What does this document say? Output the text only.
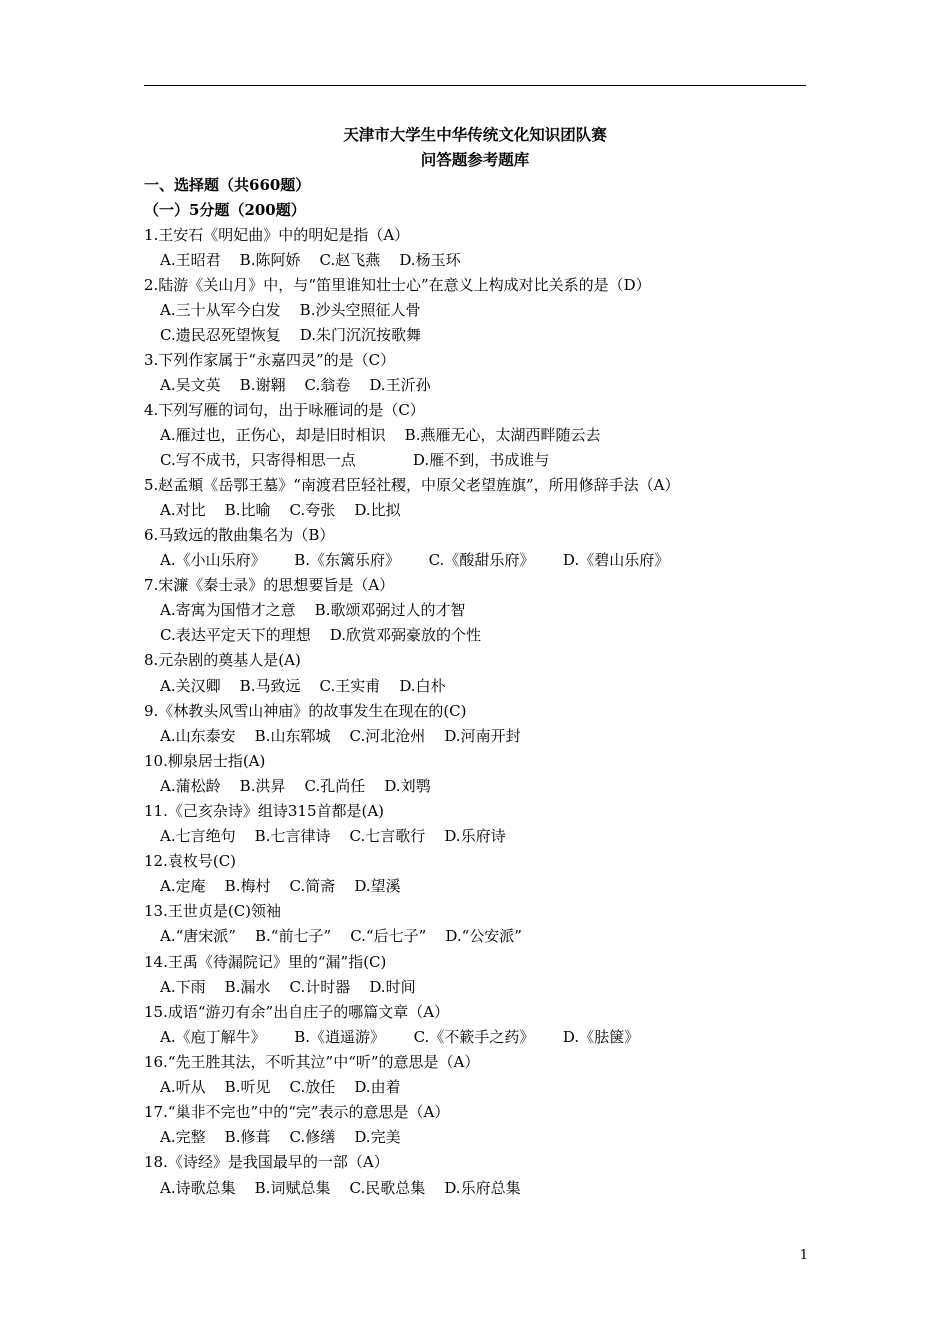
天津市大学生中华传统文化知识团队赛
问答题参考题库
一、选择题（共660题）
（一）5分题（200题）
1.王安石《明妃曲》中的明妃是指（A）
A.王昭君    B.陈阿娇    C.赵飞燕    D.杨玉环
2.陆游《关山月》中，与“笛里谁知壮士心”在意义上构成对比关系的是（D）
A.三十从军今白发    B.沙头空照征人骨
C.遗民忍死望恢复    D.朱门沉沉按歌舞
3.下列作家属于“永嘉四灵”的是（C）
A.吴文英    B.谢翱    C.翁卷    D.王沂孙
4.下列写雁的词句，出于咏雁词的是（C）
A.雁过也，正伤心，却是旧时相识    B.燕雁无心，太湖西畔随云去
C.写不成书，只寄得相思一点            D.雁不到，书成谁与
5.赵孟頫《岳鄂王墓》“南渡君臣轻社稷，中原父老望旌旗”，所用修辞手法（A）
A.对比    B.比喻    C.夸张    D.比拟
6.马致远的散曲集名为（B）
A.《小山乐府》      B.《东篱乐府》      C.《酸甜乐府》      D.《碧山乐府》
7.宋濂《秦士录》的思想要旨是（A）
A.寄寓为国惜才之意    B.歌颂邓弼过人的才智
C.表达平定天下的理想    D.欣赏邓弼豪放的个性
8.元杂剧的奠基人是(A)
A.关汉卿    B.马致远    C.王实甫    D.白朴
9.《林教头风雪山神庙》的故事发生在现在的(C)
A.山东泰安    B.山东郓城    C.河北沧州    D.河南开封
10.柳泉居士指(A)
A.蒲松龄    B.洪昇    C.孔尚任    D.刘鹗
11.《己亥杂诗》组诗315首都是(A)
A.七言绝句    B.七言律诗    C.七言歌行    D.乐府诗
12.袁枚号(C)
A.定庵    B.梅村    C.简斋    D.望溪
13.王世贞是(C)领袖
A.“唐宋派”    B.“前七子”    C.“后七子”    D.“公安派”
14.王禹《待漏院记》里的“漏”指(C)
A.下雨    B.漏水    C.计时器    D.时间
15.成语“游刃有余”出自庄子的哪篇文章（A）
A.《庖丁解牛》      B.《逍遥游》      C.《不簌手之药》      D.《胠箧》
16.“先王胜其法，不听其泣”中“听”的意思是（A）
A.听从    B.听见    C.放任    D.由着
17.“巢非不完也”中的“完”表示的意思是（A）
A.完整    B.修葺    C.修缮    D.完美
18.《诗经》是我国最早的一部（A）
A.诗歌总集    B.词赋总集    C.民歌总集    D.乐府总集
1
